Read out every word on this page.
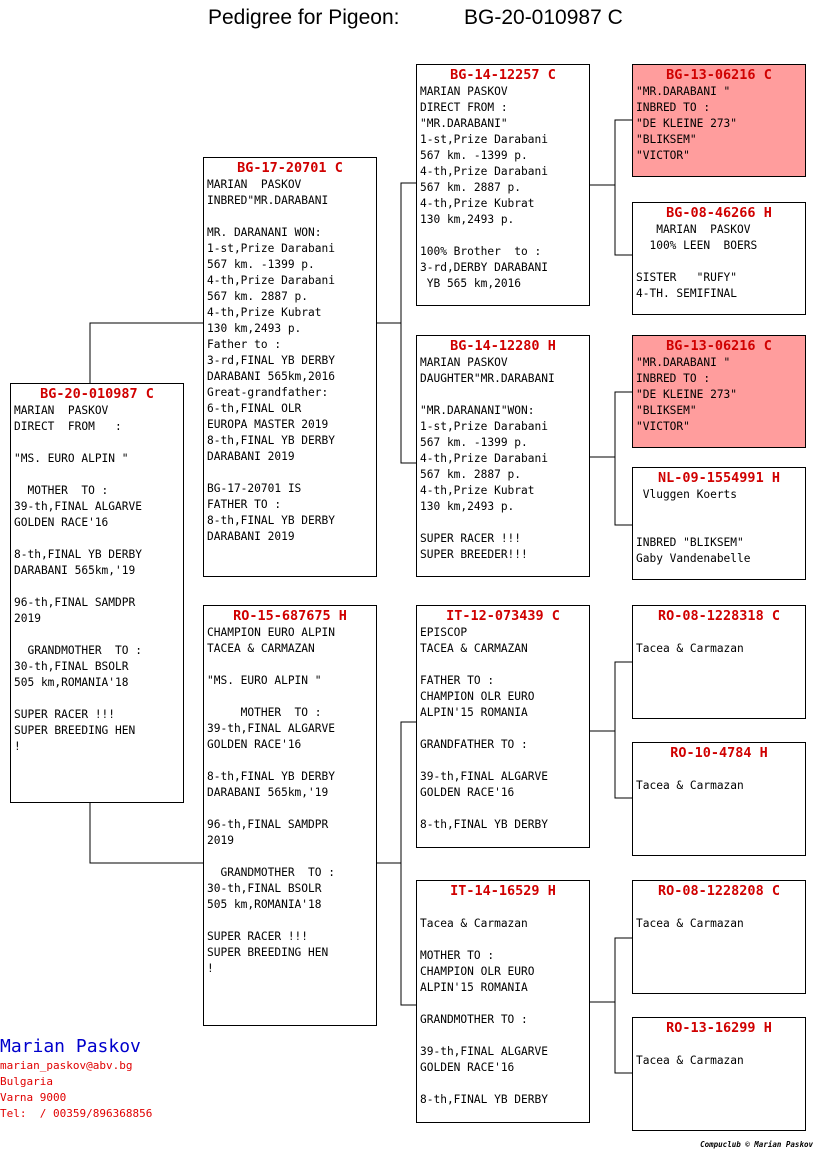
Pedigree for Pigeon:	BG-20-010987 C
BG-20-010987 C
MARIAN  PASKOV
DIRECT  FROM   :

"MS. EURO ALPIN "

MOTHER  TO :
39-th,FINAL ALGARVE
GOLDEN RACE'16

8-th,FINAL YB DERBY
DARABANI 565km,'19

96-th,FINAL SAMDPR
2019

GRANDMOTHER  TO :
30-th,FINAL BSOLR
505 km,ROMANIA'18

SUPER RACER !!!
SUPER BREEDING HEN
!
BG-17-20701 C
MARIAN  PASKOV
INBRED"MR.DARABANI

MR. DARANANI WON:
1-st,Prize Darabani
567 km. -1399 p.
4-th,Prize Darabani
567 km. 2887 p.
4-th,Prize Kubrat
130 km,2493 p.
Father to :
3-rd,FINAL YB DERBY
DARABANI 565km,2016
Great-grandfather:
6-th,FINAL OLR
EUROPA MASTER 2019
8-th,FINAL YB DERBY
DARABANI 2019

BG-17-20701 IS
FATHER TO :
8-th,FINAL YB DERBY
DARABANI 2019
RO-15-687675 H
CHAMPION EURO ALPIN
TACEA & CARMAZAN

"MS. EURO ALPIN "

MOTHER  TO :
39-th,FINAL ALGARVE
GOLDEN RACE'16

8-th,FINAL YB DERBY
DARABANI 565km,'19

96-th,FINAL SAMDPR
2019

GRANDMOTHER  TO :
30-th,FINAL BSOLR
505 km,ROMANIA'18

SUPER RACER !!!
SUPER BREEDING HEN
!
BG-14-12257 C
MARIAN PASKOV
DIRECT FROM :
"MR.DARABANI"
1-st,Prize Darabani
567 km. -1399 p.
4-th,Prize Darabani
567 km. 2887 p.
4-th,Prize Kubrat
130 km,2493 p.

100% Brother  to :
3-rd,DERBY DARABANI
YB 565 km,2016
BG-14-12280 H
MARIAN PASKOV
DAUGHTER"MR.DARABANI

"MR.DARANANI"WON:
1-st,Prize Darabani
567 km. -1399 p.
4-th,Prize Darabani
567 km. 2887 p.
4-th,Prize Kubrat
130 km,2493 p.

SUPER RACER !!!
SUPER BREEDER!!!
IT-12-073439 C
EPISCOP
TACEA & CARMAZAN

FATHER TO :
CHAMPION OLR EURO
ALPIN'15 ROMANIA

GRANDFATHER TO :

39-th,FINAL ALGARVE
GOLDEN RACE'16

8-th,FINAL YB DERBY
IT-14-16529 H

Tacea & Carmazan

MOTHER TO :
CHAMPION OLR EURO
ALPIN'15 ROMANIA

GRANDMOTHER TO :

39-th,FINAL ALGARVE
GOLDEN RACE'16

8-th,FINAL YB DERBY
BG-13-06216 C
"MR.DARABANI "
INBRED TO :
"DE KLEINE 273"
"BLIKSEM"
"VICTOR"
BG-08-46266 H
MARIAN  PASKOV
100% LEEN  BOERS

SISTER   "RUFY"
4-TH. SEMIFINAL
BG-13-06216 C
"MR.DARABANI "
INBRED TO :
"DE KLEINE 273"
"BLIKSEM"
"VICTOR"
NL-09-1554991 H
Vluggen Koerts

INBRED "BLIKSEM"
Gaby Vandenabelle
RO-08-1228318 C

Tacea & Carmazan
RO-10-4784 H

Tacea & Carmazan
RO-08-1228208 C

Tacea & Carmazan
RO-13-16299 H

Tacea & Carmazan
Marian Paskov
marian_paskov@abv.bg
Bulgaria
Varna 9000
Tel:  / 00359/896368856
Compuclub © Marian Paskov
